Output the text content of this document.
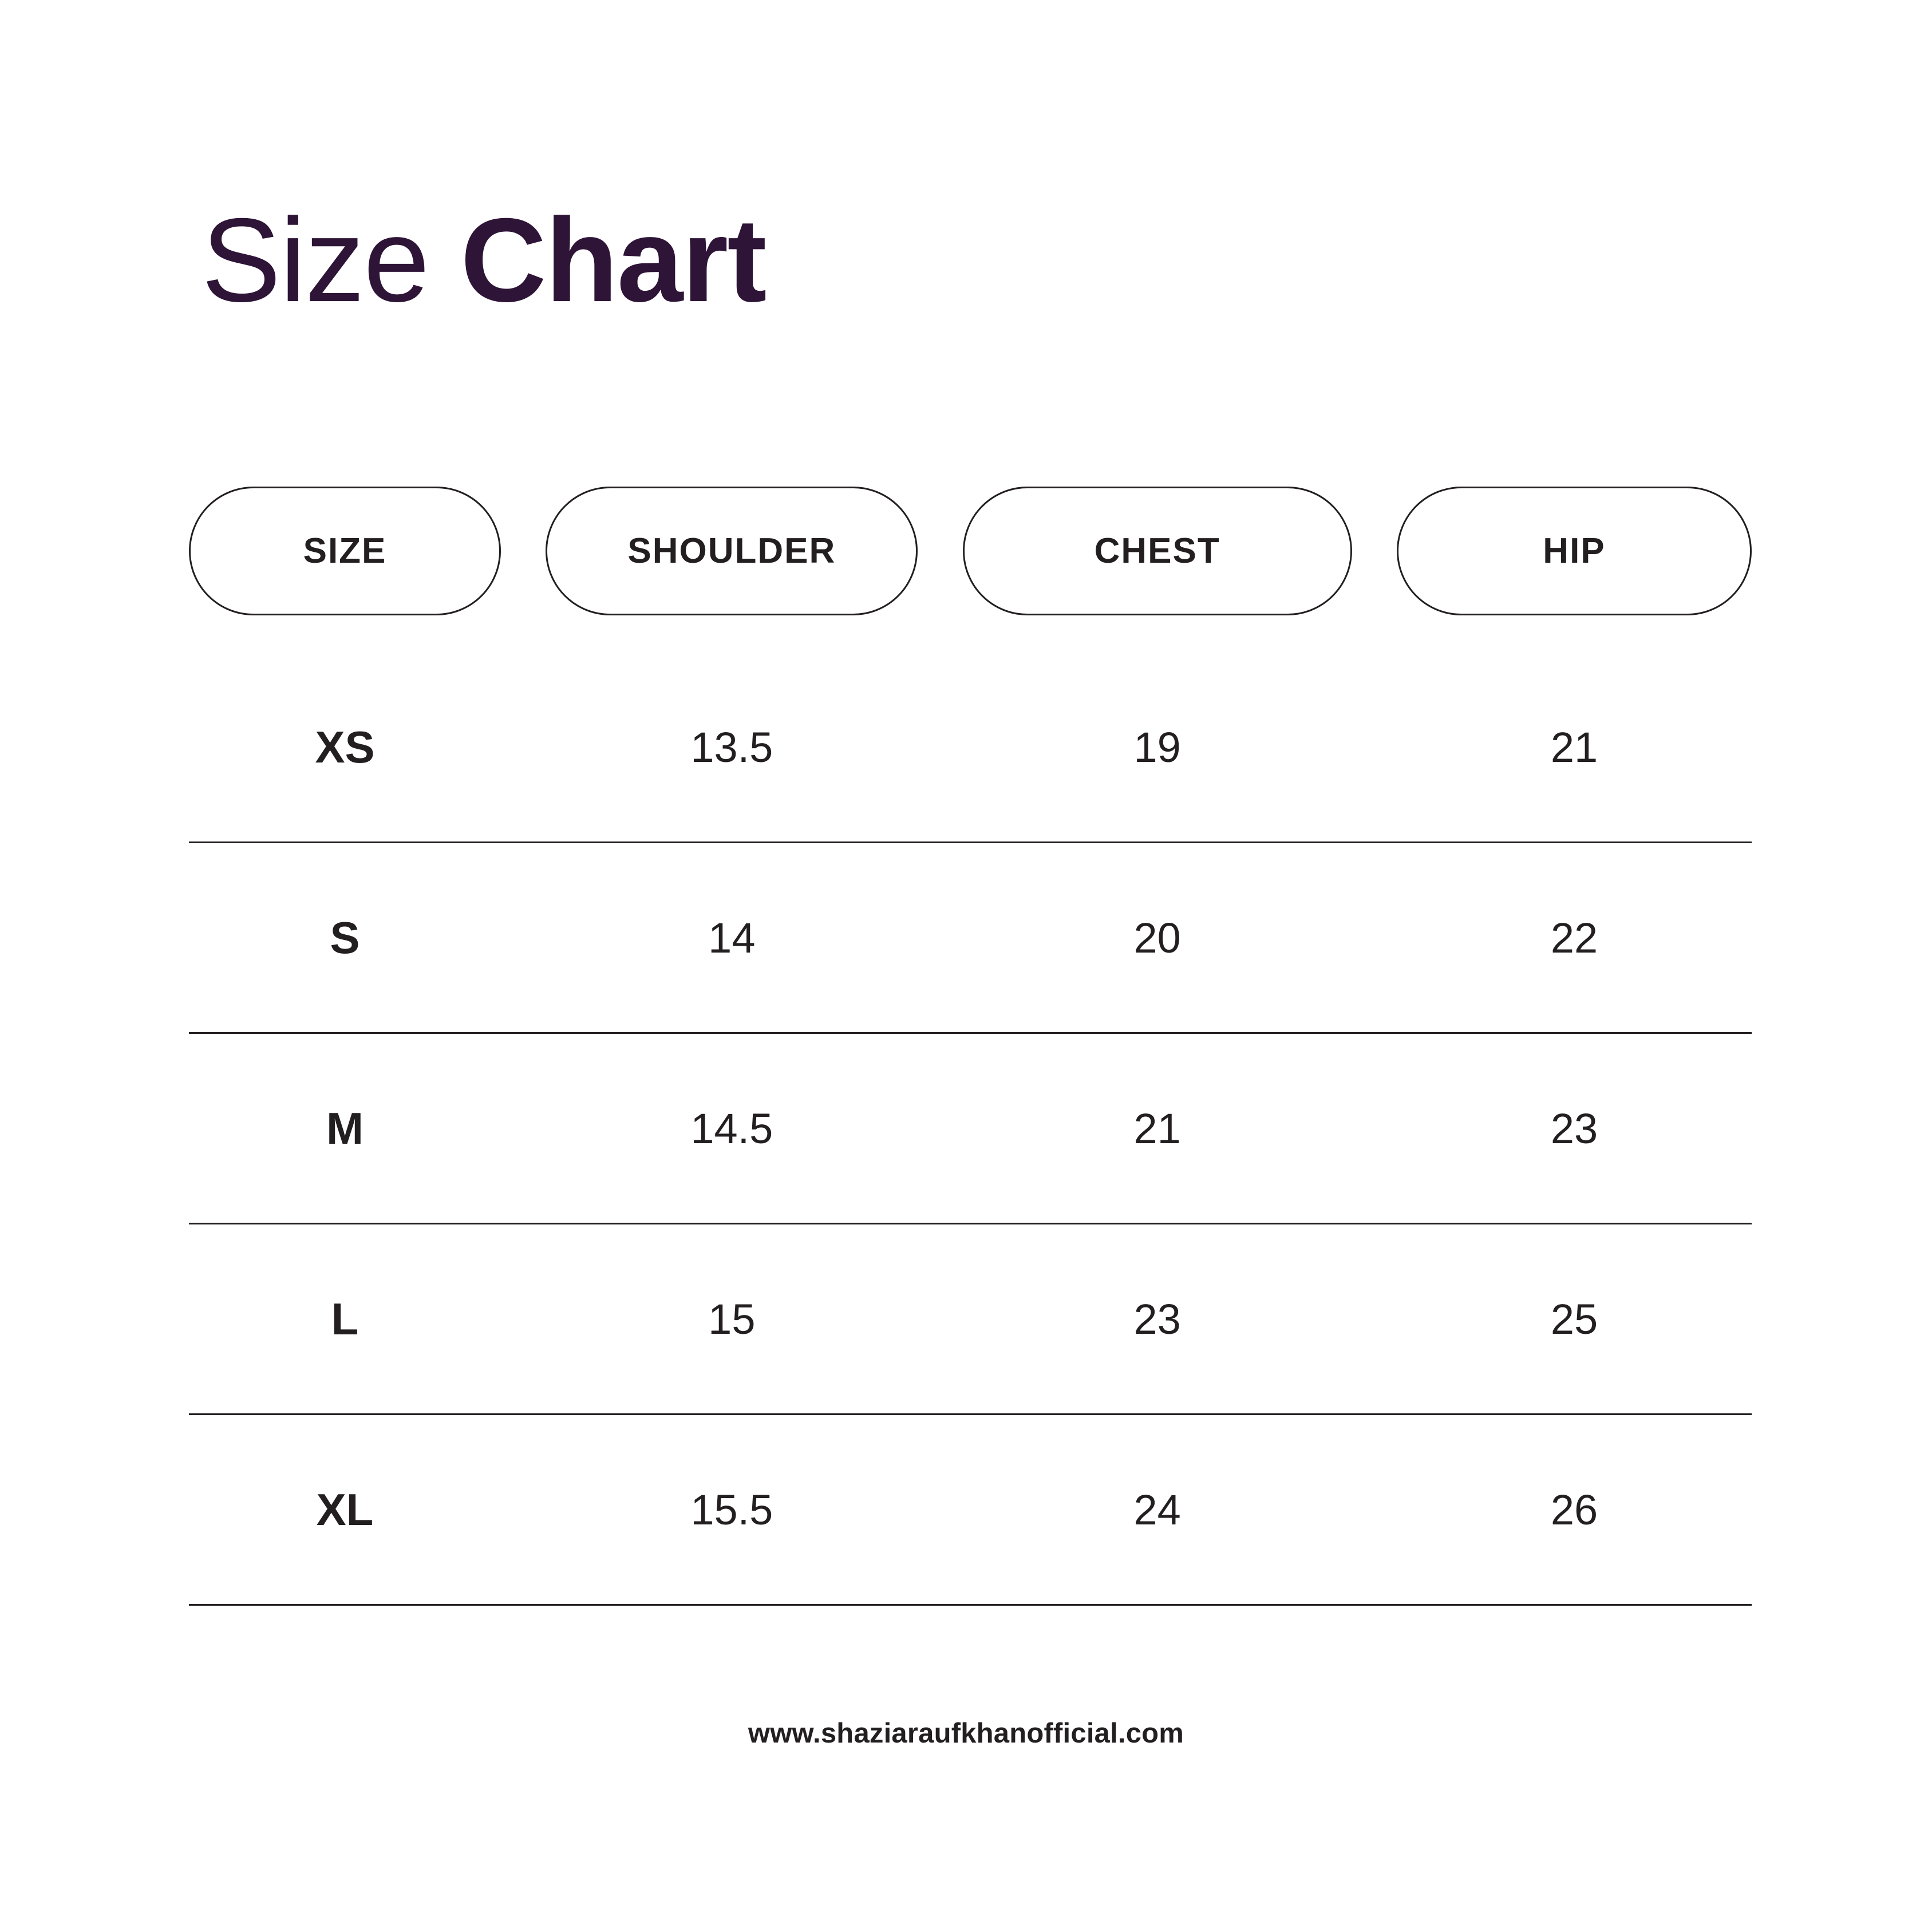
Size Chart
SIZE	SHOULDER	CHEST	HIP
XS	13.5	19	21
S	14	20	22
M	14.5	21	23
L	15	23	25
XL	15.5	24	26
www.shaziaraufkhanofficial.com
